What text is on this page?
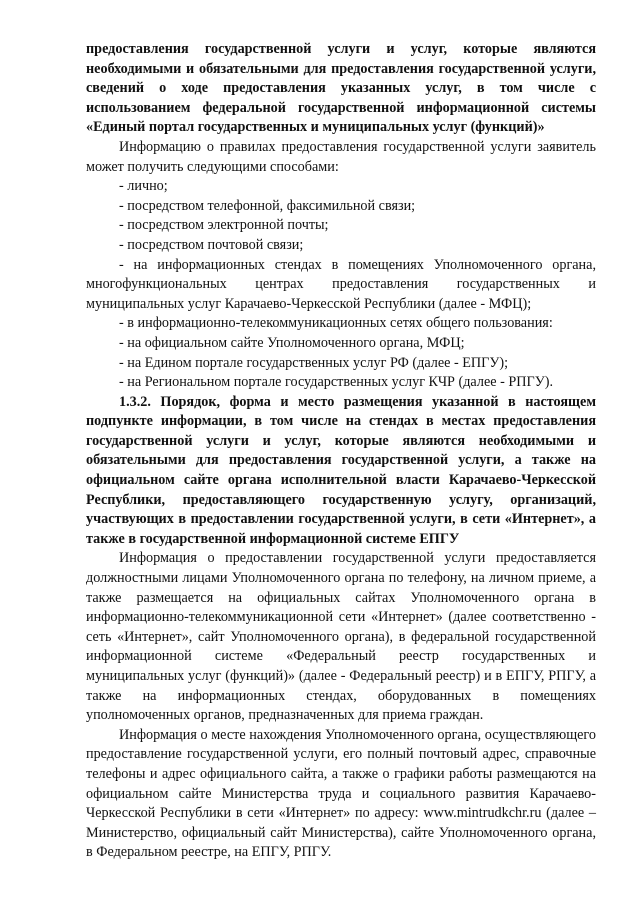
предоставления государственной услуги и услуг, которые являются необходимыми и обязательными для предоставления государственной услуги, сведений о ходе предоставления указанных услуг, в том числе с использованием федеральной государственной информационной системы «Единый портал государственных и муниципальных услуг (функций)»

Информацию о правилах предоставления государственной услуги заявитель может получить следующими способами:

- лично;

- посредством телефонной, факсимильной связи;

- посредством электронной почты;

- посредством почтовой связи;

- на информационных стендах в помещениях Уполномоченного органа, многофункциональных центрах предоставления государственных и муниципальных услуг Карачаево-Черкесской Республики (далее - МФЦ);

- в информационно-телекоммуникационных сетях общего пользования:

- на официальном сайте Уполномоченного органа, МФЦ;

- на Едином портале государственных услуг РФ (далее - ЕПГУ);

- на Региональном портале государственных услуг КЧР (далее - РПГУ).

1.3.2. Порядок, форма и место размещения указанной в настоящем подпункте информации, в том числе на стендах в местах предоставления государственной услуги и услуг, которые являются необходимыми и обязательными для предоставления государственной услуги, а также на официальном сайте органа исполнительной власти Карачаево-Черкесской Республики, предоставляющего государственную услугу, организаций, участвующих в предоставлении государственной услуги, в сети «Интернет», а также в государственной информационной системе ЕПГУ

Информация о предоставлении государственной услуги предоставляется должностными лицами Уполномоченного органа по телефону, на личном приеме, а также размещается на официальных сайтах Уполномоченного органа в информационно-телекоммуникационной сети «Интернет» (далее соответственно - сеть «Интернет», сайт Уполномоченного органа), в федеральной государственной информационной системе «Федеральный реестр государственных и муниципальных услуг (функций)» (далее - Федеральный реестр) и в ЕПГУ, РПГУ, а также на информационных стендах, оборудованных в помещениях уполномоченных органов, предназначенных для приема граждан.

Информация о месте нахождения Уполномоченного органа, осуществляющего предоставление государственной услуги, его полный почтовый адрес, справочные телефоны и адрес официального сайта, а также о графики работы размещаются на официальном сайте Министерства труда и социального развития Карачаево-Черкесской Республики в сети «Интернет» по адресу: www.mintrudkchr.ru (далее – Министерство, официальный сайт Министерства), сайте Уполномоченного органа, в Федеральном реестре, на ЕПГУ, РПГУ.
